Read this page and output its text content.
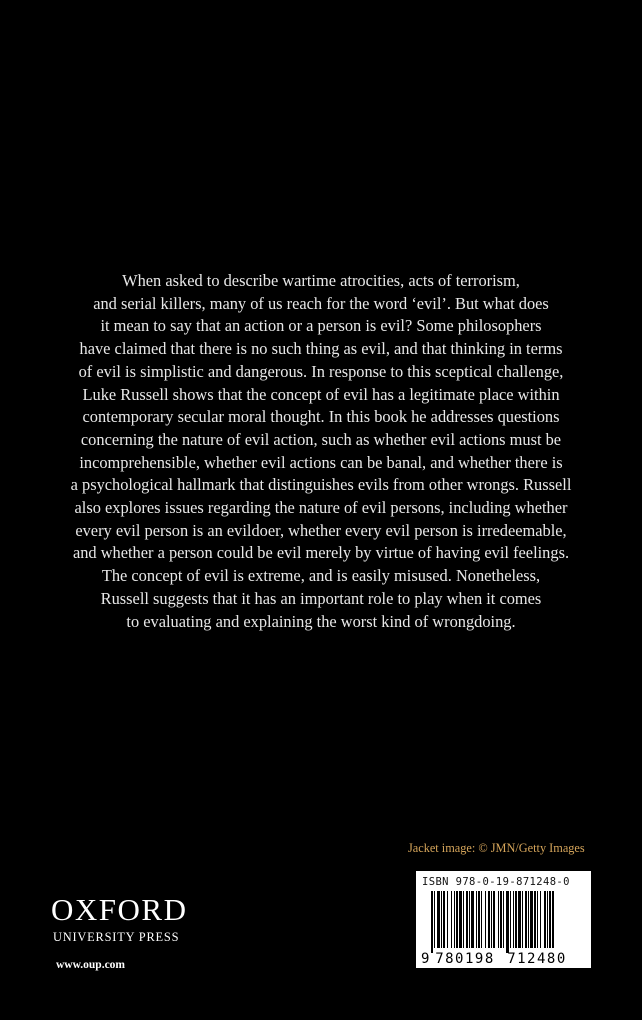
When asked to describe wartime atrocities, acts of terrorism,
and serial killers, many of us reach for the word ‘evil’. But what does
it mean to say that an action or a person is evil? Some philosophers
have claimed that there is no such thing as evil, and that thinking in terms
of evil is simplistic and dangerous. In response to this sceptical challenge,
Luke Russell shows that the concept of evil has a legitimate place within
contemporary secular moral thought. In this book he addresses questions
concerning the nature of evil action, such as whether evil actions must be
incomprehensible, whether evil actions can be banal, and whether there is
a psychological hallmark that distinguishes evils from other wrongs. Russell
also explores issues regarding the nature of evil persons, including whether
every evil person is an evildoer, whether every evil person is irredeemable,
and whether a person could be evil merely by virtue of having evil feelings.
The concept of evil is extreme, and is easily misused. Nonetheless,
Russell suggests that it has an important role to play when it comes
to evaluating and explaining the worst kind of wrongdoing.
Jacket image: © JMN/Getty Images
ISBN 978-0-19-871248-0
9 780198 712480
OXFORD
UNIVERSITY PRESS
www.oup.com
